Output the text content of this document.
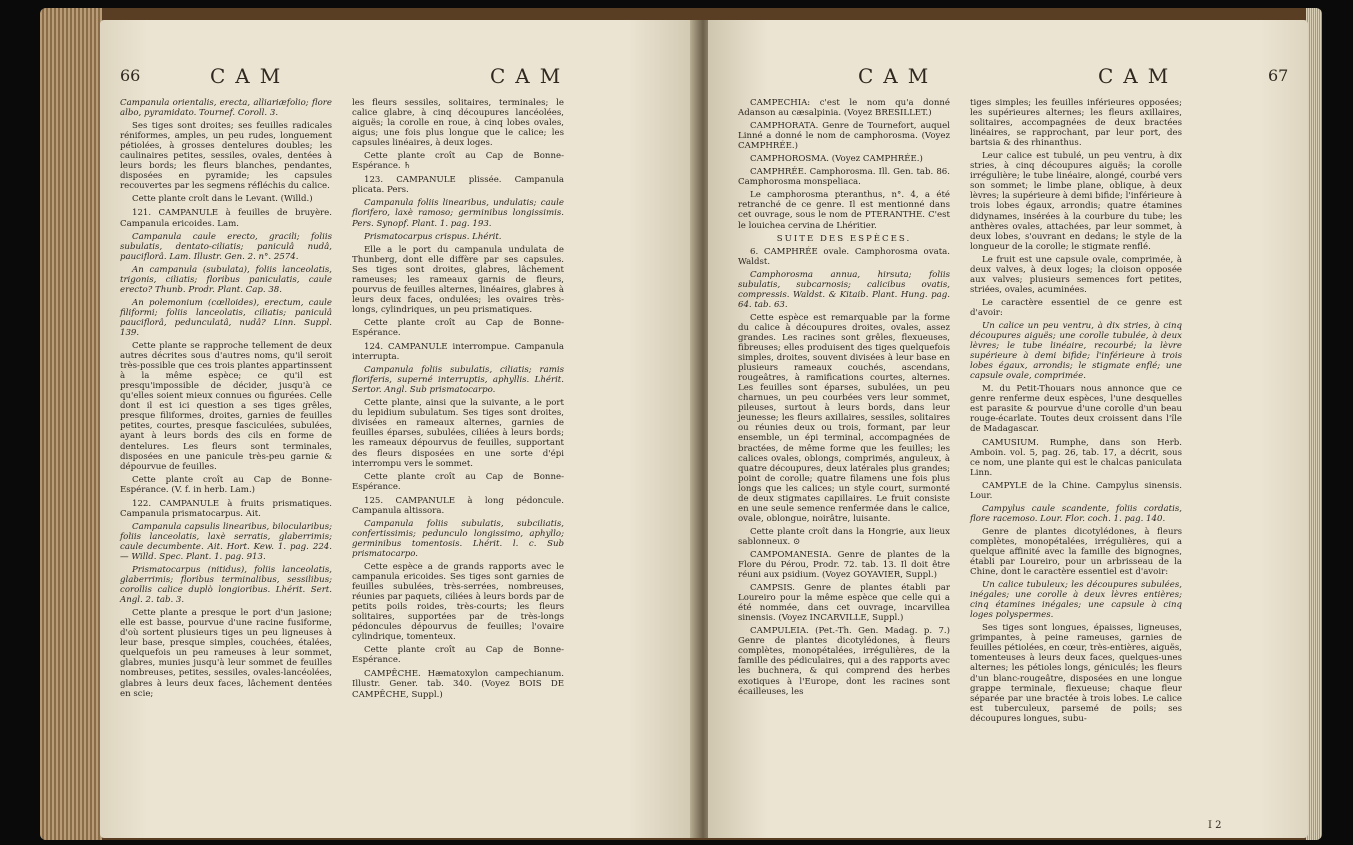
66	CAM	CAM

Campanula orientalis, erecta, alliariæfolio; flore albo, pyramidato. Tournef. Coroll. 3.

Ses tiges sont droites; ses feuilles radicales réniformes, amples, un peu rudes, longuement pétiolées, à grosses dentelures doubles; les caulinaires petites, sessiles, ovales, dentées à leurs bords; les fleurs blanches, pendantes, disposées en pyramide; les capsules recouvertes par les segmens réfléchis du calice.

Cette plante croît dans le Levant. (Willd.)

121. CAMPANULE à feuilles de bruyère. Campanula ericoides. Lam.

Campanula caule erecto, gracili; foliis subulatis, dentato-ciliatis; paniculâ nudâ, pauciflorâ. Lam. Illustr. Gen. 2. n°. 2574.

An campanula (subulata), foliis lanceolatis, trigonis, ciliatis; floribus paniculatis, caule erecto? Thunb. Prodr. Plant. Cap. 38.

An polemonium (cœlloides), erectum, caule filiformi; foliis lanceolatis, ciliatis; paniculâ pauciflorâ, pedunculatâ, nudâ? Linn. Suppl. 139.

Cette plante se rapproche tellement de deux autres décrites sous d'autres noms, qu'il seroit très-possible que ces trois plantes appartinssent à la même espèce; ce qu'il est presqu'impossible de décider, jusqu'à ce qu'elles soient mieux connues ou figurées. Celle dont il est ici question a ses tiges grêles, presque filiformes, droites, garnies de feuilles petites, courtes, presque fasciculées, subulées, ayant à leurs bords des cils en forme de dentelures. Les fleurs sont terminales, disposées en une panicule très-peu garnie & dépourvue de feuilles.

Cette plante croît au Cap de Bonne-Espérance. (V. f. in herb. Lam.)

122. CAMPANULE à fruits prismatiques. Campanula prismatocarpus. Ait.

Campanula capsulis linearibus, bilocularibus; foliis lanceolatis, laxè serratis, glaberrimis; caule decumbente. Ait. Hort. Kew. 1. pag. 224. — Willd. Spec. Plant. 1. pag. 913.

Prismatocarpus (nitidus), foliis lanceolatis, glaberrimis; floribus terminalibus, sessilibus; corollis calice duplò longioribus. Lhérit. Sert. Angl. 2. tab. 3.

Cette plante a presque le port d'un jasione; elle est basse, pourvue d'une racine fusiforme, d'où sortent plusieurs tiges un peu ligneuses à leur base, presque simples, couchées, étalées, quelquefois un peu rameuses à leur sommet, glabres, munies jusqu'à leur sommet de feuilles nombreuses, petites, sessiles, ovales-lancéolées, glabres à leurs deux faces, lâchement dentées en scie;

les fleurs sessiles, solitaires, terminales; le calice glabre, à cinq découpures lancéolées, aiguës; la corolle en roue, à cinq lobes ovales, aigus; une fois plus longue que le calice; les capsules linéaires, à deux loges.

Cette plante croît au Cap de Bonne-Espérance. ♄

123. CAMPANULE plissée. Campanula plicata. Pers.

Campanula foliis linearibus, undulatis; caule florifero, laxè ramoso; germinibus longissimis. Pers. Synopf. Plant. 1. pag. 193.

Prismatocarpus crispus. Lhérit.

Elle a le port du campanula undulata de Thunberg, dont elle diffère par ses capsules. Ses tiges sont droites, glabres, lâchement rameuses; les rameaux garnis de fleurs, pourvus de feuilles alternes, linéaires, glabres à leurs deux faces, ondulées; les ovaires très-longs, cylindriques, un peu prismatiques.

Cette plante croît au Cap de Bonne-Espérance.

124. CAMPANULE interrompue. Campanula interrupta.

Campanula foliis subulatis, ciliatis; ramis floriferis, superné interruptis, aphyllis. Lhérit. Sertor. Angl. Sub prismatocarpo.

Cette plante, ainsi que la suivante, a le port du lepidium subulatum. Ses tiges sont droites, divisées en rameaux alternes, garnies de feuilles éparses, subulées, ciliées à leurs bords; les rameaux dépourvus de feuilles, supportant des fleurs disposées en une sorte d'épi interrompu vers le sommet.

Cette plante croît au Cap de Bonne-Espérance.

125. CAMPANULE à long pédoncule. Campanula altissora.

Campanula foliis subulatis, subciliatis, confertissimis; pedunculo longissimo, aphyllo; germinibus tomentosis. Lhérit. l. c. Sub prismatocarpo.

Cette espèce a de grands rapports avec le campanula ericoides. Ses tiges sont garnies de feuilles subulées, très-serrées, nombreuses, réunies par paquets, ciliées à leurs bords par de petits poils roides, très-courts; les fleurs solitaires, supportées par de très-longs pédoncules dépourvus de feuilles; l'ovaire cylindrique, tomenteux.

Cette plante croît au Cap de Bonne-Espérance.

CAMPÊCHE. Hæmatoxylon campechianum. Illustr. Gener. tab. 340. (Voyez BOIS DE CAMPÊCHE, Suppl.)

CAM	CAM	67

CAMPECHIA: c'est le nom qu'a donné Adanson au cæsalpinia. (Voyez BRESILLET.)

CAMPHORATA. Genre de Tournefort, auquel Linné a donné le nom de camphorosma. (Voyez CAMPHRÉE.)

CAMPHOROSMA. (Voyez CAMPHRÉE.)

CAMPHRÉE. Camphorosma. Ill. Gen. tab. 86. Camphorosma monspeliaca.

Le camphorosma pteranthus, n°. 4, a été retranché de ce genre. Il est mentionné dans cet ouvrage, sous le nom de PTERANTHE. C'est le louichea cervina de Lhéritier.

SUITE DES ESPÈCES.

6. CAMPHRÉE ovale. Camphorosma ovata. Waldst.

Camphorosma annua, hirsuta; foliis subulatis, subcarnosis; calicibus ovatis, compressis. Waldst. & Kitaib. Plant. Hung. pag. 64. tab. 63.

Cette espèce est remarquable par la forme du calice à découpures droites, ovales, assez grandes. Les racines sont grêles, flexueuses, fibreuses; elles produisent des tiges quelquefois simples, droites, souvent divisées à leur base en plusieurs rameaux couchés, ascendans, rougeâtres, à ramifications courtes, alternes. Les feuilles sont éparses, subulées, un peu charnues, un peu courbées vers leur sommet, pileuses, surtout à leurs bords, dans leur jeunesse; les fleurs axillaires, sessiles, solitaires ou réunies deux ou trois, formant, par leur ensemble, un épi terminal, accompagnées de bractées, de même forme que les feuilles; les calices ovales, oblongs, comprimés, anguleux, à quatre découpures, deux latérales plus grandes; point de corolle; quatre filamens une fois plus longs que les calices; un style court, surmonté de deux stigmates capillaires. Le fruit consiste en une seule semence renfermée dans le calice, ovale, oblongue, noirâtre, luisante.

Cette plante croît dans la Hongrie, aux lieux sablonneux. ⊙

CAMPOMANESIA. Genre de plantes de la Flore du Pérou, Prodr. 72. tab. 13. Il doit être réuni aux psidium. (Voyez GOYAVIER, Suppl.)

CAMPSIS. Genre de plantes établi par Loureiro pour la même espèce que celle qui a été nommée, dans cet ouvrage, incarvillea sinensis. (Voyez INCARVILLE, Suppl.)

CAMPULEIA. (Pet.-Th. Gen. Madag. p. 7.) Genre de plantes dicotylédones, à fleurs complètes, monopétalées, irrégulières, de la famille des pédiculaires, qui a des rapports avec les buchnera, & qui comprend des herbes exotiques à l'Europe, dont les racines sont écailleuses, les

tiges simples; les feuilles inférieures opposées; les supérieures alternes; les fleurs axillaires, solitaires, accompagnées de deux bractées linéaires, se rapprochant, par leur port, des bartsia & des rhinanthus.

Leur calice est tubulé, un peu ventru, à dix stries, à cinq découpures aiguës; la corolle irrégulière; le tube linéaire, alongé, courbé vers son sommet; le limbe plane, oblique, à deux lèvres; la supérieure à demi bifide; l'inférieure à trois lobes égaux, arrondis; quatre étamines didynames, insérées à la courbure du tube; les anthères ovales, attachées, par leur sommet, à deux lobes, s'ouvrant en dedans; le style de la longueur de la corolle; le stigmate renflé.

Le fruit est une capsule ovale, comprimée, à deux valves, à deux loges; la cloison opposée aux valves; plusieurs semences fort petites, striées, ovales, acuminées.

Le caractère essentiel de ce genre est d'avoir:

Un calice un peu ventru, à dix stries, à cinq découpures aiguës; une corolle tubulée, à deux lèvres; le tube linéaire, recourbé; la lèvre supérieure à demi bifide; l'inférieure à trois lobes égaux, arrondis; le stigmate enflé; une capsule ovale, comprimée.

M. du Petit-Thouars nous annonce que ce genre renferme deux espèces, l'une desquelles est parasite & pourvue d'une corolle d'un beau rouge-écarlate. Toutes deux croissent dans l'île de Madagascar.

CAMUSIUM. Rumphe, dans son Herb. Amboin. vol. 5, pag. 26, tab. 17, a décrit, sous ce nom, une plante qui est le chalcas paniculata Linn.

CAMPYLE de la Chine. Campylus sinensis. Lour.

Campylus caule scandente, foliis cordatis, flore racemoso. Lour. Flor. coch. 1. pag. 140.

Genre de plantes dicotylédones, à fleurs complètes, monopétalées, irrégulières, qui a quelque affinité avec la famille des bignognes, établi par Loureiro, pour un arbrisseau de la Chine, dont le caractère essentiel est d'avoir:

Un calice tubuleux; les découpures subulées, inégales; une corolle à deux lèvres entières; cinq étamines inégales; une capsule à cinq loges polyspermes.

Ses tiges sont longues, épaisses, ligneuses, grimpantes, à peine rameuses, garnies de feuilles pétiolées, en cœur, très-entières, aiguës, tomenteuses à leurs deux faces, quelques-unes alternes; les pétioles longs, géniculés; les fleurs d'un blanc-rougeâtre, disposées en une longue grappe terminale, flexueuse; chaque fleur séparée par une bractée à trois lobes. Le calice est tuberculeux, parsemé de poils; ses découpures longues, subu-

I 2
